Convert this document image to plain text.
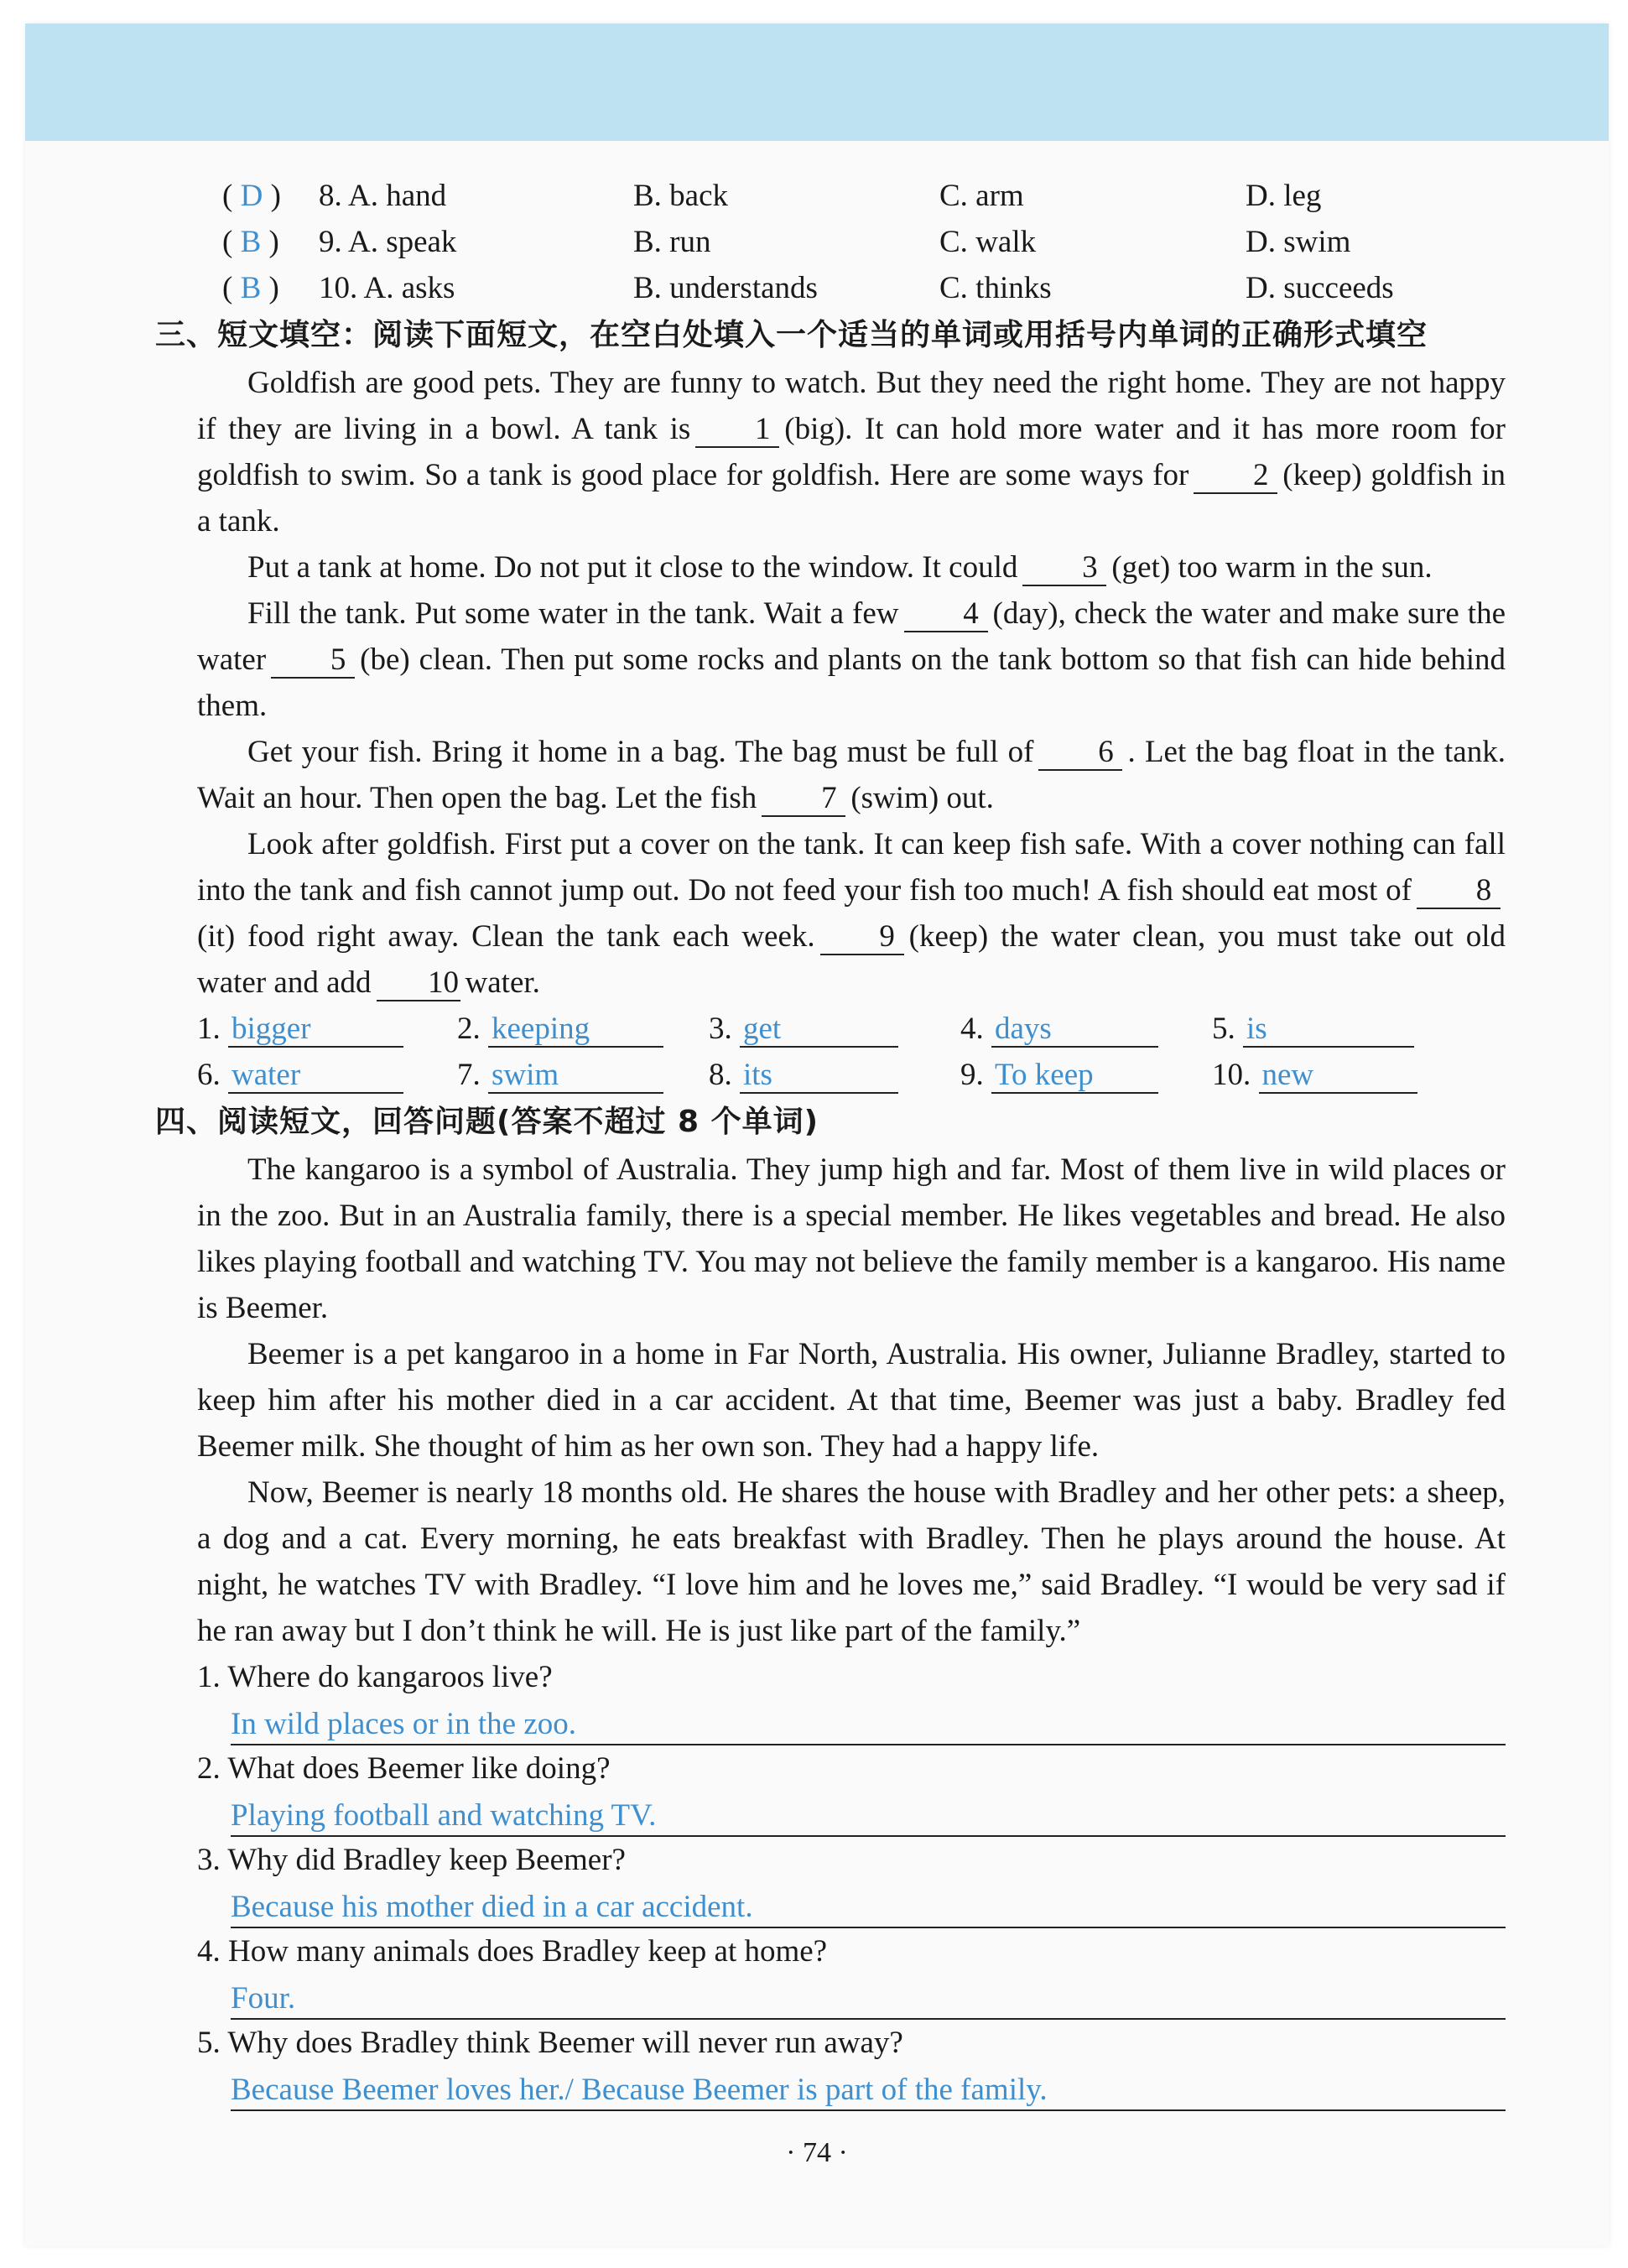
( D ) 8. A. hand	B. back	C. arm	D. leg
( B ) 9. A. speak	B. run	C. walk	D. swim
( B ) 10. A. asks	B. understands	C. thinks	D. succeeds
三、短文填空：阅读下面短文，在空白处填入一个适当的单词或用括号内单词的正确形式填空

Goldfish are good pets. They are funny to watch. But they need the right home. They are not happy if they are living in a bowl. A tank is 1 (big). It can hold more water and it has more room for goldfish to swim. So a tank is good place for goldfish. Here are some ways for 2 (keep) goldfish in a tank.

Put a tank at home. Do not put it close to the window. It could 3 (get) too warm in the sun.

Fill the tank. Put some water in the tank. Wait a few 4 (day), check the water and make sure the water 5 (be) clean. Then put some rocks and plants on the tank bottom so that fish can hide behind them.

Get your fish. Bring it home in a bag. The bag must be full of 6 . Let the bag float in the tank. Wait an hour. Then open the bag. Let the fish 7 (swim) out.

Look after goldfish. First put a cover on the tank. It can keep fish safe. With a cover nothing can fall into the tank and fish cannot jump out. Do not feed your fish too much! A fish should eat most of 8(it) food right away. Clean the tank each week. 9 (keep) the water clean, you must take out old water and add 10 water.

1. bigger	2. keeping	3. get	4. days	5. is
6. water	7. swim	8. its	9. To keep	10. new
四、阅读短文，回答问题(答案不超过 8 个单词)

The kangaroo is a symbol of Australia. They jump high and far. Most of them live in wild places or in the zoo. But in an Australia family, there is a special member. He likes vegetables and bread. He also likes playing football and watching TV. You may not believe the family member is a kangaroo. His name is Beemer.

Beemer is a pet kangaroo in a home in Far North, Australia. His owner, Julianne Bradley, started to keep him after his mother died in a car accident. At that time, Beemer was just a baby. Bradley fed Beemer milk. She thought of him as her own son. They had a happy life.

Now, Beemer is nearly 18 months old. He shares the house with Bradley and her other pets: a sheep, a dog and a cat. Every morning, he eats breakfast with Bradley. Then he plays around the house. At night, he watches TV with Bradley. “I love him and he loves me,” said Bradley. “I would be very sad if he ran away but I don’t think he will. He is just like part of the family.”

1. Where do kangaroos live?

In wild places or in the zoo.

2. What does Beemer like doing?

Playing football and watching TV.

3. Why did Bradley keep Beemer?

Because his mother died in a car accident.

4. How many animals does Bradley keep at home?

Four.

5. Why does Bradley think Beemer will never run away?

Because Beemer loves her./ Because Beemer is part of the family.
· 74 ·
